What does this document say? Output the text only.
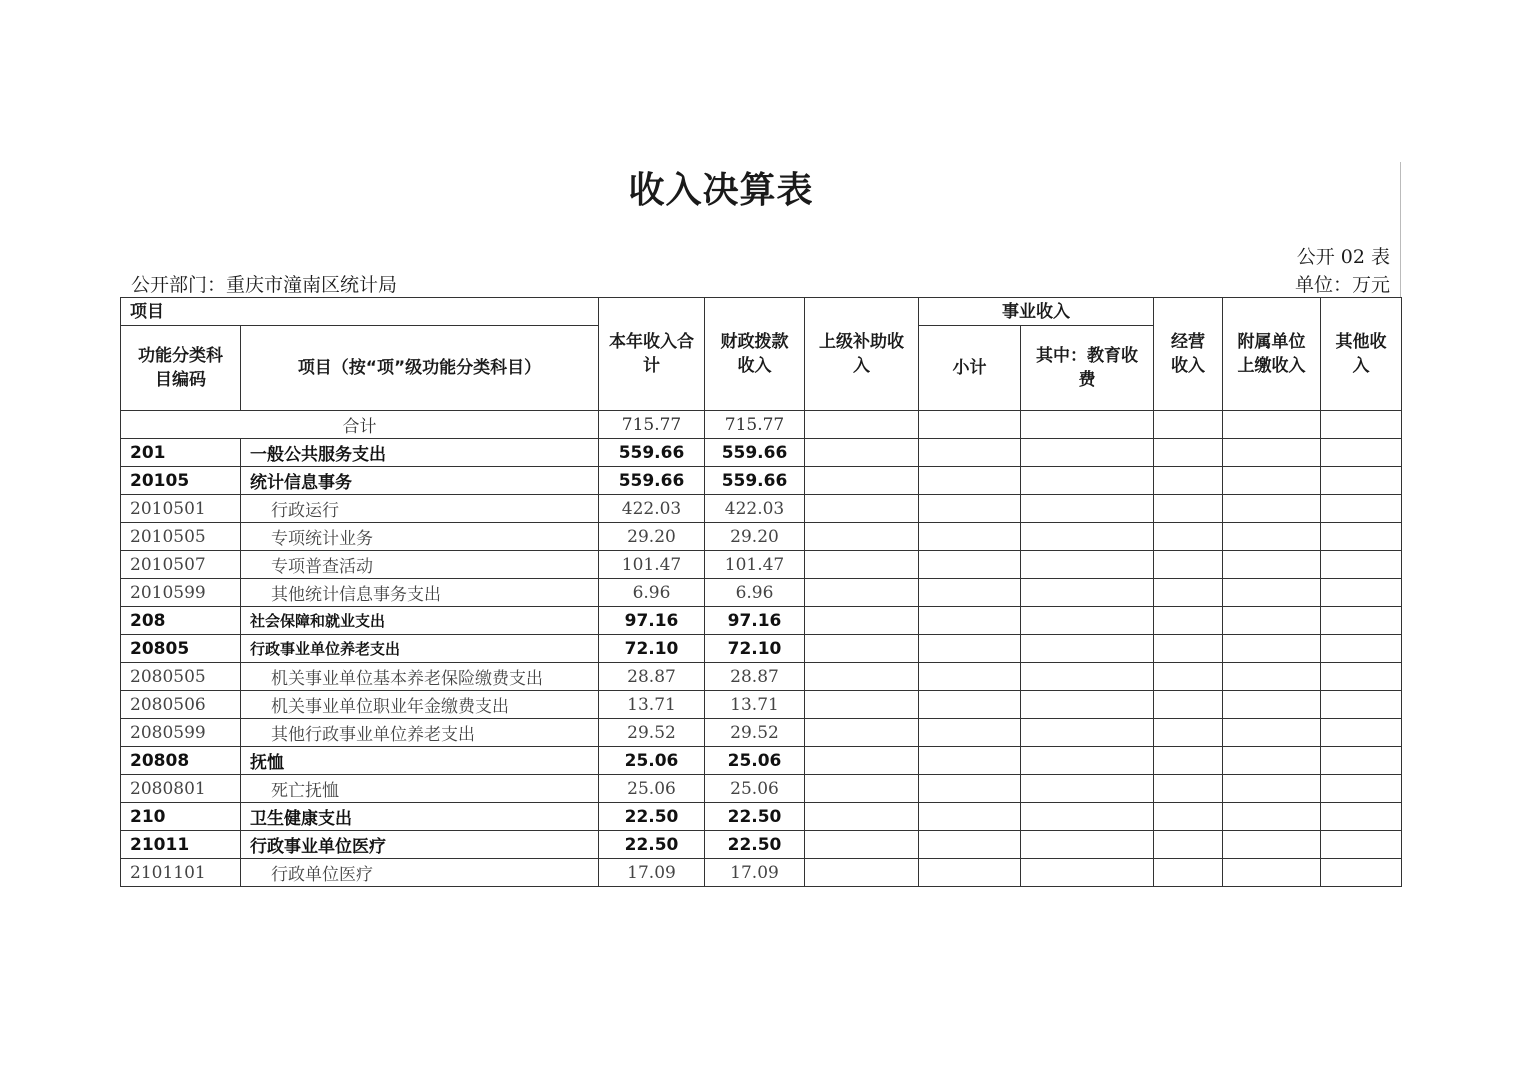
收入决算表
公开 02 表
公开部门：重庆市潼南区统计局	单位：万元
项目		本年收入合计	财政拨款收入	上级补助收入	事业收入		经营收入	附属单位上缴收入	其他收入
功能分类科目编码	项目（按“项”级功能分类科目）				小计	其中：教育收费			
合计		715.77	715.77						
201	一般公共服务支出	559.66	559.66						
20105	统计信息事务	559.66	559.66						
2010501	行政运行	422.03	422.03						
2010505	专项统计业务	29.20	29.20						
2010507	专项普查活动	101.47	101.47						
2010599	其他统计信息事务支出	6.96	6.96						
208	社会保障和就业支出	97.16	97.16						
20805	行政事业单位养老支出	72.10	72.10						
2080505	机关事业单位基本养老保险缴费支出	28.87	28.87						
2080506	机关事业单位职业年金缴费支出	13.71	13.71						
2080599	其他行政事业单位养老支出	29.52	29.52						
20808	抚恤	25.06	25.06						
2080801	死亡抚恤	25.06	25.06						
210	卫生健康支出	22.50	22.50						
21011	行政事业单位医疗	22.50	22.50						
2101101	行政单位医疗	17.09	17.09						
